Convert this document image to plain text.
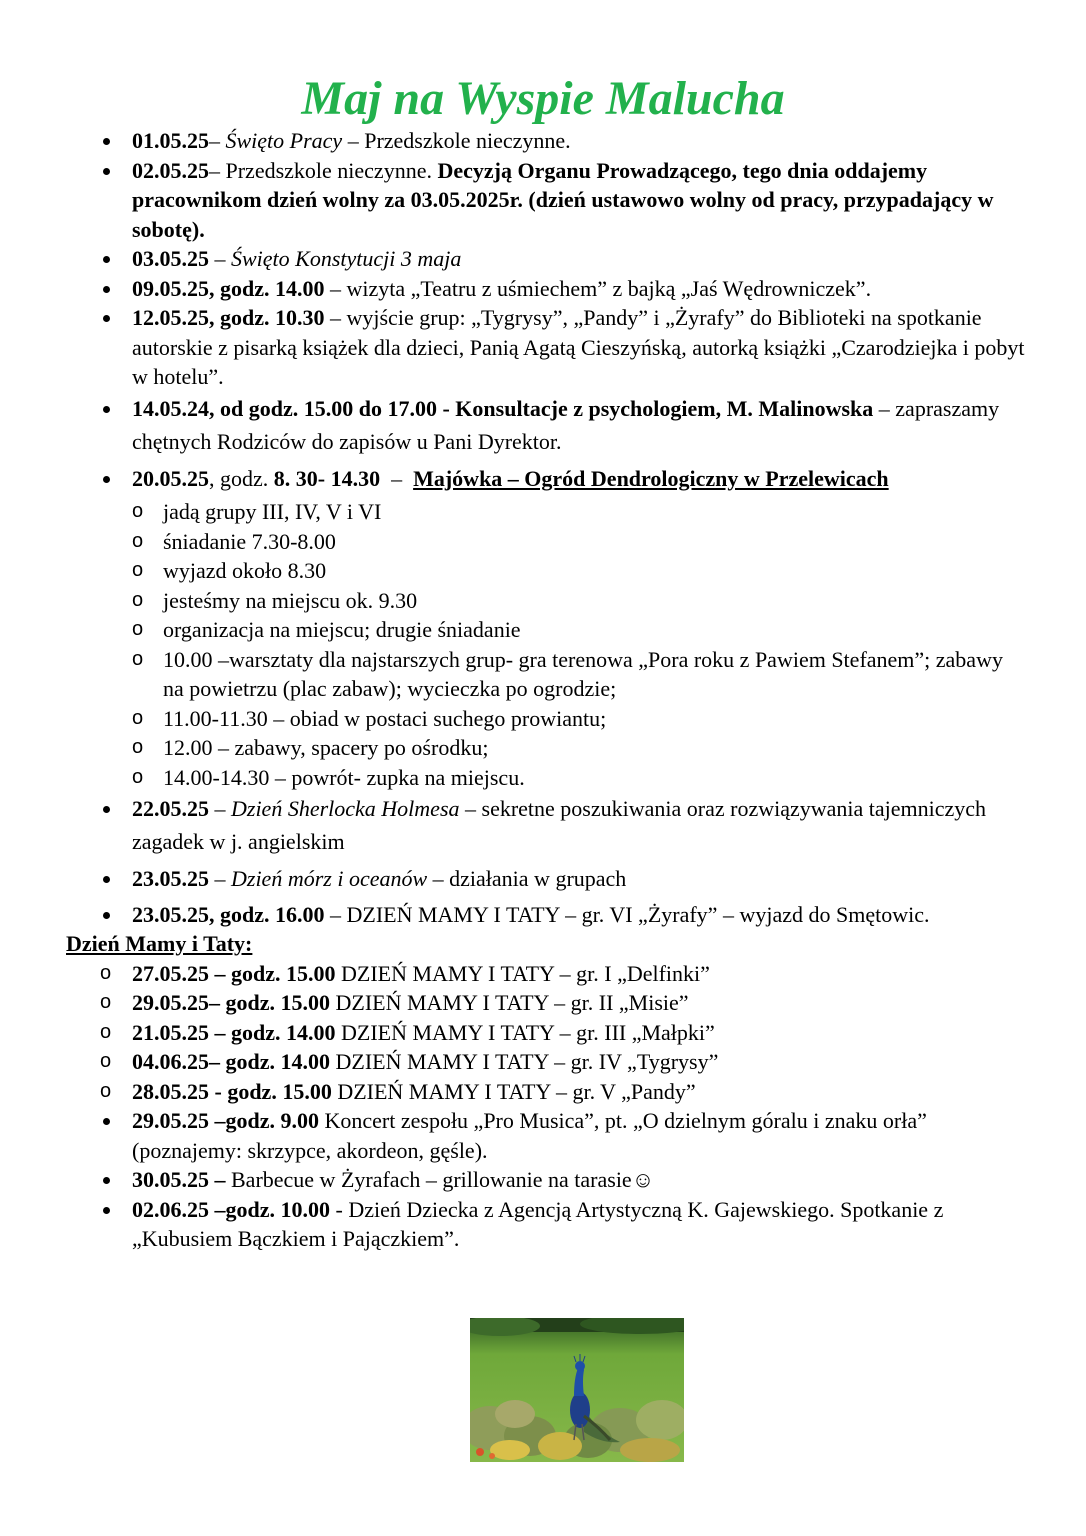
Maj na Wyspie Malucha
01.05.25– Święto Pracy – Przedszkole nieczynne.
02.05.25– Przedszkole nieczynne. Decyzją Organu Prowadzącego, tego dnia oddajemy pracownikom dzień wolny za 03.05.2025r. (dzień ustawowo wolny od pracy, przypadający w sobotę).
03.05.25 – Święto Konstytucji 3 maja
09.05.25, godz. 14.00 – wizyta „Teatru z uśmiechem” z bajką „Jaś Wędrowniczek”.
12.05.25, godz. 10.30 – wyjście grup: „Tygrysy”, „Pandy” i „Żyrafy” do Biblioteki na spotkanie autorskie z pisarką książek dla dzieci, Panią Agatą Cieszyńską, autorką książki „Czarodziejka i pobyt w hotelu”.
14.05.24, od godz. 15.00 do 17.00 - Konsultacje z psychologiem, M. Malinowska – zapraszamy chętnych Rodziców do zapisów u Pani Dyrektor.
20.05.25, godz. 8. 30- 14.30  –  Majówka – Ogród Dendrologiczny w Przelewicach
o jadą grupy III, IV, V i VI
o śniadanie 7.30-8.00
o wyjazd około 8.30
o jesteśmy na miejscu ok. 9.30
o organizacja na miejscu; drugie śniadanie
o 10.00 –warsztaty dla najstarszych grup- gra terenowa „Pora roku z Pawiem Stefanem”; zabawy na powietrzu (plac zabaw); wycieczka po ogrodzie;
o 11.00-11.30 – obiad w postaci suchego prowiantu;
o 12.00 – zabawy, spacery po ośrodku;
o 14.00-14.30 – powrót- zupka na miejscu.
22.05.25 – Dzień Sherlocka Holmesa – sekretne poszukiwania oraz rozwiązywania tajemniczych zagadek w j. angielskim
23.05.25 – Dzień mórz i oceanów – działania w grupach
23.05.25, godz. 16.00 – DZIEŃ MAMY I TATY – gr. VI „Żyrafy” – wyjazd do Smętowic.
Dzień Mamy i Taty:
o 27.05.25 – godz. 15.00 DZIEŃ MAMY I TATY – gr. I „Delfinki”
o 29.05.25– godz. 15.00 DZIEŃ MAMY I TATY – gr. II „Misie”
o 21.05.25 – godz. 14.00 DZIEŃ MAMY I TATY – gr. III „Małpki”
o 04.06.25– godz. 14.00 DZIEŃ MAMY I TATY – gr. IV „Tygrysy”
o 28.05.25 - godz. 15.00 DZIEŃ MAMY I TATY – gr. V „Pandy”
29.05.25 –godz. 9.00 Koncert zespołu „Pro Musica”, pt. „O dzielnym góralu i znaku orła” (poznajemy: skrzypce, akordeon, gęśle).
30.05.25 – Barbecue w Żyrafach – grillowanie na tarasie☺
02.06.25 –godz. 10.00 - Dzień Dziecka z Agencją Artystyczną K. Gajewskiego. Spotkanie z „Kubusiem Bączkiem i Pajączkiem”.
